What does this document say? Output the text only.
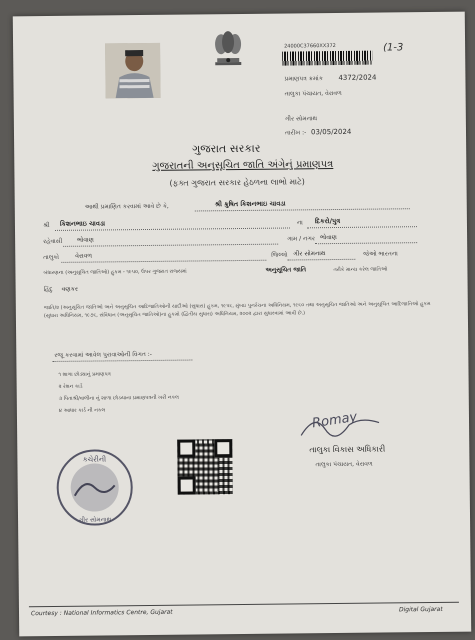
24000C37660XX372	(1-3
પ્રમાણપત્ર ક્રમાંક 4372/2024
તાલુકા પંચાયત, વેરાવળ
ગીર સોમનાથ
તારીખ :- 03/05/2024
ગુજરાત સરકાર
ગુજરાતની અનુસૂચિત જાતિ અંગેનું પ્રમાણપત્ર
(ફક્ત ગુજરાત સરકાર હેઠળના લાભો માટે)
આથી પ્રમાણિત કરવામાં આવે છે કે,	શ્રી ક્રુષિત કિશનભાઇ ચાવડા
શ્રી કિશનભાઇ ચાવડા	ના દિકરો/પુત્ર
રહેવાસી ભોવાણ	ગામ / નગર ભોવાણ
તાલુકો	વેરાવળ	જિલ્લો ગીર સોમનાથ	જેઓ ભારતના
બંધારણના (અનુસૂચિત જાતિઓ) હુકમ - ૧૯૫૦, ઉપર ગુજરાત રાજ્યમાં	અનુસૂચિત જાતિ	તરીકે માન્ય કરેલ જાતિઓ
હિંદુ વણકર
જાતિ/૨ (અનુસૂચિત જાતિઓ અને અનુસૂચિત આદિજાતિઓની યાદીઓ (સુધારા) હુકમ, ૧૯૫૬, મુંબઇ પુનર્રચના અધિનિયમ, ૧૯૬૦ તથા અનુસૂચિત જાતિઓ અને અનુસૂચિત આદિજાતિઓ હુકમ (સુધારા અધિનિયમ, ૧૯૭૬, સંવિધાન (અનુસૂચિત જાતિઓ)ના હુકમો (દ્વિતીય સુધારા) અધિનિયમ, ૨૦૦૨ દ્વારા સુધારવામાં આવી છે.)
રજૂ કરવામાં આવેલ પુરાવાઓની વિગત :-
૧ શાળા છોડ્યાનું પ્રમાણપત્ર
૨ રેશન કાર્ડ
૩ પિતાશ્રી/વાલીના નું શાળા છોડયાના પ્રમાણપત્રની ખરી નકલ
૪ આધાર કાર્ડ ની નકલ	Romay
તાલુકા વિકાસ અધિકારી
તાલુકા પંચાયત, વેરાવળ
કચેરીની
ગીર સોમનાથ
Courtesy : National Informatics Centre, Gujarat	Digital Gujarat
